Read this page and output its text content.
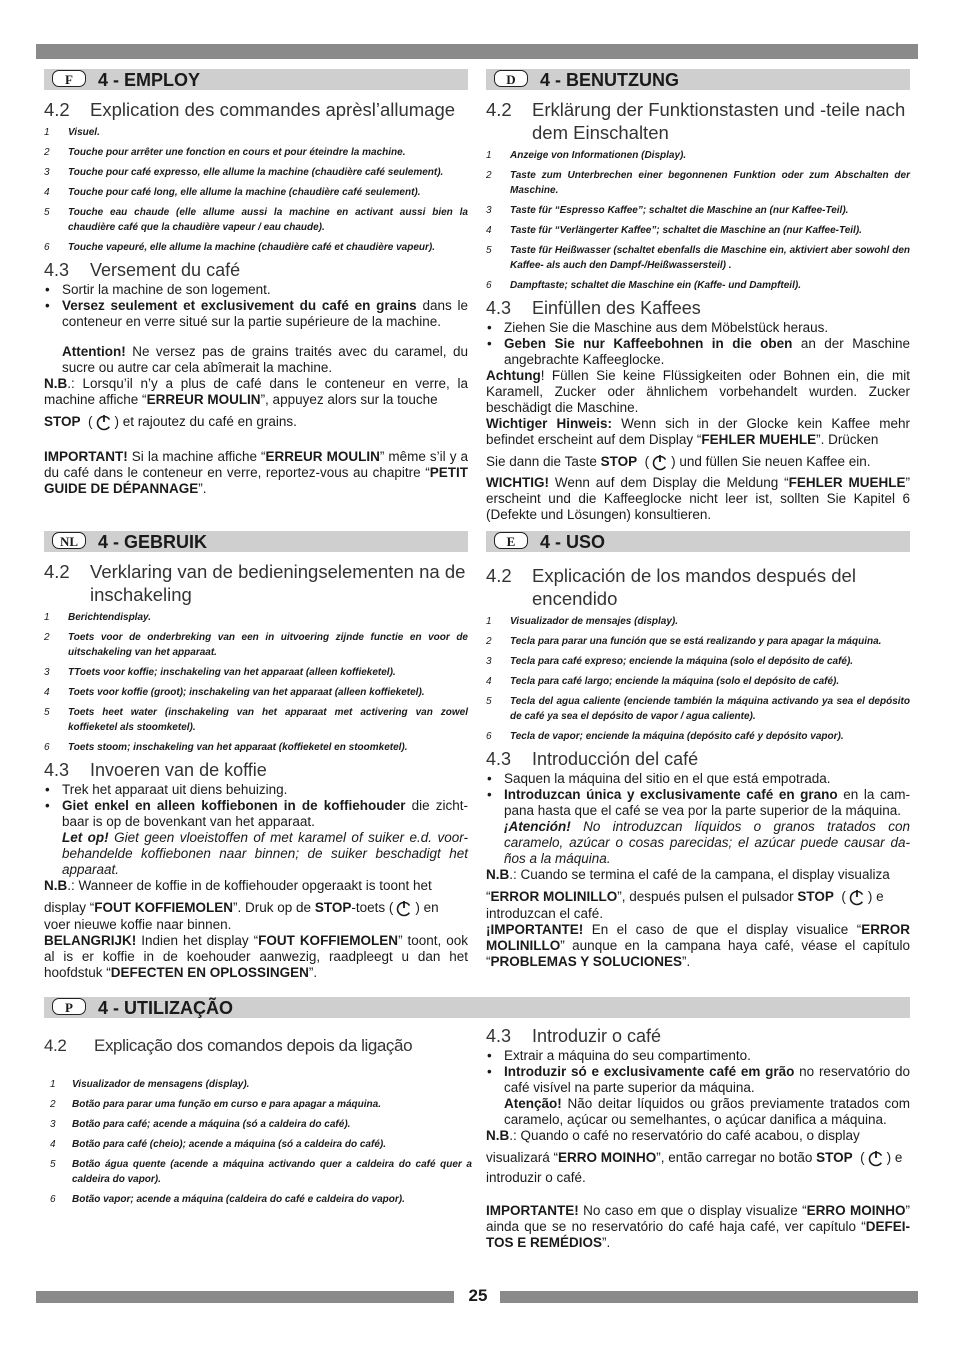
F	4 - EMPLOY
4.2 Explication des commandes aprèsl’allumage
1 Visuel.
2 Touche pour arrêter une fonction en cours et pour éteindre la machine.
3 Touche pour café expresso, elle allume la machine (chaudière café seulement).
4 Touche pour café long, elle allume la machine (chaudière café seulement).
5 Touche eau chaude (elle allume aussi la machine en activant aussi bien la chaudière café que la chaudière vapeur / eau chaude).
6 Touche vapeuré, elle allume la machine (chaudière café et chaudière vapeur).
4.3 Versement du café
• Sortir la machine de son logement.
• Versez seulement et exclusivement du café en grains dans le conteneur en verre situé sur la partie supérieure de la machine.

Attention! Ne versez pas de grains traités avec du caramel, du sucre ou autre car cela abîmerait la machine.

N.B.: Lorsqu’il n’y a plus de café dans le conteneur en verre, la machine affiche “ERREUR MOULIN”, appuyez alors sur la touche

STOP  ( ) et rajoutez du café en grains.

IMPORTANT! Si la machine affiche “ERREUR MOULIN” même s’il y a du café dans le conteneur en verre, reportez-vous au chapitre “PETIT GUIDE DE DÉPANNAGE”.

D	4 - BENUTZUNG
4.2 Erklärung der Funktionstasten und -teile nach dem Einschalten
1 Anzeige von Informationen (Display).
2 Taste zum Unterbrechen einer begonnenen Funktion oder zum Abschalten der Maschine.
3 Taste für “Espresso Kaffee”; schaltet die Maschine an (nur Kaffee-Teil).
4 Taste für “Verlängerter Kaffee”; schaltet die Maschine an (nur Kaffee-Teil).
5 Taste für Heißwasser (schaltet ebenfalls die Maschine ein, aktiviert aber sowohl den Kaffee- als auch den Dampf-/Heißwassersteil) .
6 Dampftaste; schaltet die Maschine ein (Kaffe- und Dampfteil).
4.3 Einfüllen des Kaffees
• Ziehen Sie die Maschine aus dem Möbelstück heraus.
• Geben Sie nur Kaffeebohnen in die oben an der Maschine angebrachte Kaffeeglocke.

Achtung! Füllen Sie keine Flüssigkeiten oder Bohnen ein, die mit Karamell, Zucker oder ähnlichem vorbehandelt wurden. Zucker beschädigt die Maschine.

Wichtiger Hinweis: Wenn sich in der Glocke kein Kaffee mehr befindet erscheint auf dem Display “FEHLER MUEHLE”. Drücken

Sie dann die Taste STOP  ( ) und füllen Sie neuen Kaffee ein.

WICHTIG! Wenn auf dem Display die Meldung “FEHLER MUEHLE” erscheint und die Kaffeeglocke nicht leer ist, sollten Sie Kapitel 6 (Defekte und Lösungen) konsultieren.

NL	4 - GEBRUIK
4.2 Verklaring van de bedieningselementen na de inschakeling
1 Berichtendisplay.
2 Toets voor de onderbreking van een in uitvoering zijnde functie en voor de uitschakeling van het apparaat.
3 TToets voor koffie; inschakeling van het apparaat (alleen koffieketel).
4 Toets voor koffie (groot); inschakeling van het apparaat (alleen koffieketel).
5 Toets heet water (inschakeling van het apparaat met activering van zowel koffieketel als stoomketel).
6 Toets stoom; inschakeling van het apparaat (koffieketel en stoomketel).
4.3 Invoeren van de koffie
• Trek het apparaat uit diens behuizing.
• Giet enkel en alleen koffiebonen in de koffiehouder die zicht-baar is op de bovenkant van het apparaat.

Let op! Giet geen vloeistoffen of met karamel of suiker e.d. voor-behandelde koffiebonen naar binnen; de suiker beschadigt het apparaat.

N.B.: Wanneer de koffie in de koffiehouder opgeraakt is toont het

display “FOUT KOFFIEMOLEN”. Druk op de STOP-toets ( ) en

voer nieuwe koffie naar binnen.

BELANGRIJK! Indien het display “FOUT KOFFIEMOLEN” toont, ook al is er koffie in de koehouder aanwezig, raadpleegt u dan het hoofdstuk “DEFECTEN EN OPLOSSINGEN”.

E	4 - USO
4.2 Explicación de los mandos después del encendido
1 Visualizador de mensajes (display).
2 Tecla para parar una función que se está realizando y para apagar la máquina.
3 Tecla para café expreso; enciende la máquina (solo el depósito de café).
4 Tecla para café largo; enciende la máquina (solo el depósito de café).
5 Tecla del agua caliente (enciende también la máquina activando ya sea el depósito de café ya sea el depósito de vapor / agua caliente).
6 Tecla de vapor; enciende la máquina (depósito café y depósito vapor).
4.3 Introducción del café
• Saquen la máquina del sitio en el que está empotrada.
• Introduzcan única y exclusivamente café en grano en la cam-pana hasta que el café se vea por la parte superior de la máquina.

¡Atención! No introduzcan líquidos o granos tratados con caramelo, azúcar o cosas parecidas; el azúcar puede causar da-ños a la máquina.

N.B.: Cuando se termina el café de la campana, el display visualiza

“ERROR MOLINILLO”, después pulsen el pulsador STOP  ( ) e

introduzcan el café.

¡IMPORTANTE! En el caso de que el display visualice “ERROR MOLINILLO” aunque en la campana haya café, véase el capítulo “PROBLEMAS Y SOLUCIONES”.

P	4 - UTILIZAÇÃO
4.2 Explicação dos comandos depois da ligação
1 Visualizador de mensagens (display).
2 Botão para parar uma função em curso e para apagar a máquina.
3 Botão para café; acende a máquina (só a caldeira do café).
4 Botão para café (cheio); acende a máquina (só a caldeira do café).
5 Botão água quente (acende a máquina activando quer a caldeira do café quer a caldeira do vapor).
6 Botão vapor; acende a máquina (caldeira do café e caldeira do vapor).
4.3 Introduzir o café
• Extrair a máquina do seu compartimento.
• Introduzir só e exclusivamente café em grão no reservatório do café visível na parte superior da máquina.

Atenção! Não deitar líquidos ou grãos previamente tratados com caramelo, açúcar ou semelhantes, o açúcar danifica a máquina.

N.B.: Quando o café no reservatório do café acabou, o display

visualizará “ERRO MOINHO”, então carregar no botão STOP  ( ) e

introduzir o café.

IMPORTANTE! No caso em que o display visualize “ERRO MOINHO” ainda que se no reservatório do café haja café, ver capítulo “DEFEI-TOS E REMÉDIOS”.

25
